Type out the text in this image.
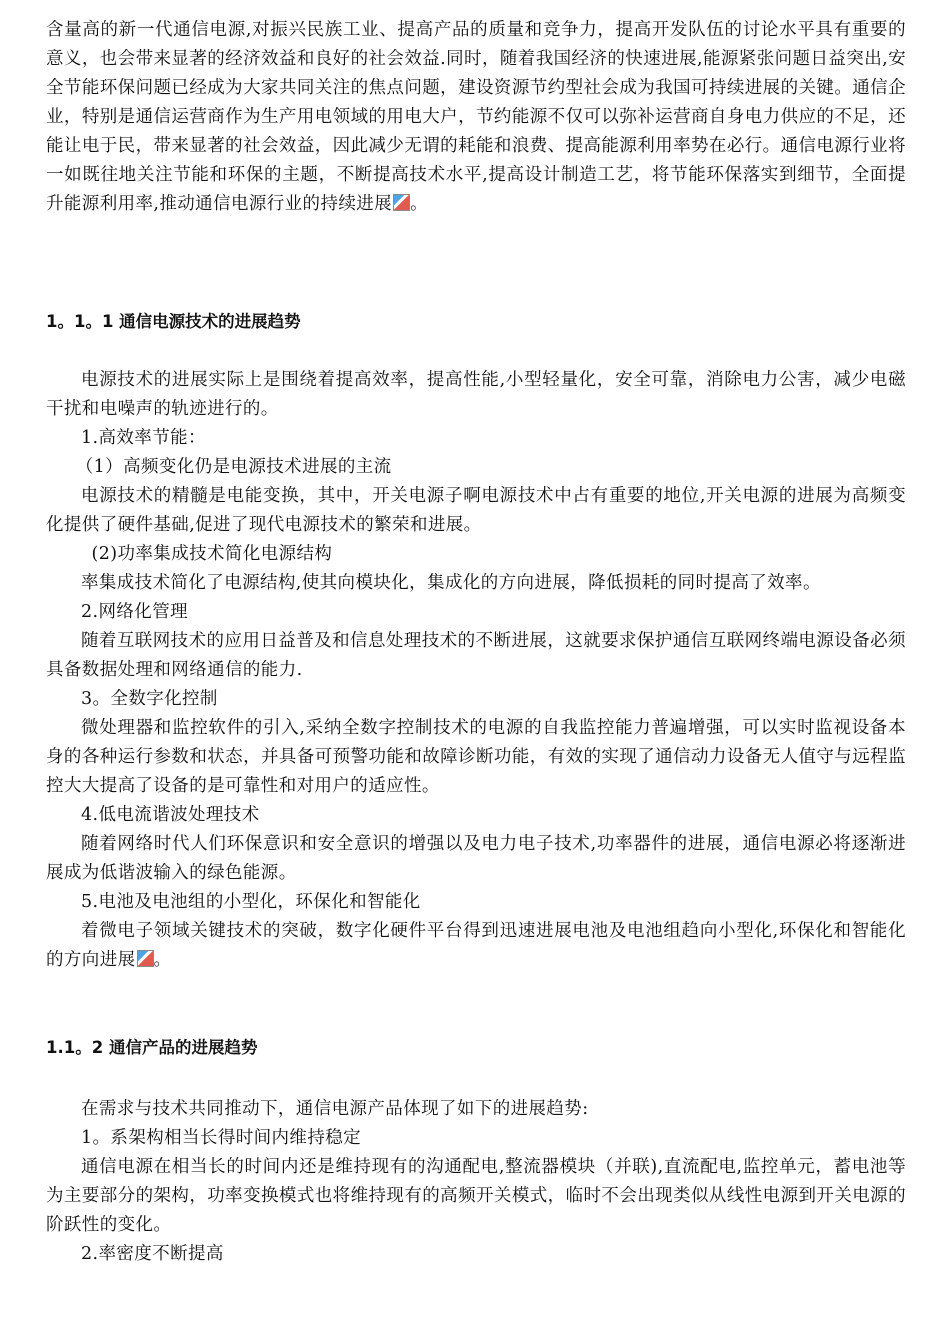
含量高的新一代通信电源,对振兴民族工业、提高产品的质量和竞争力，提高开发队伍的讨论水平具有重要的意义，也会带来显著的经济效益和良好的社会效益.同时，随着我国经济的快速进展,能源紧张问题日益突出,安全节能环保问题已经成为大家共同关注的焦点问题，建设资源节约型社会成为我国可持续进展的关键。通信企业，特别是通信运营商作为生产用电领域的用电大户，节约能源不仅可以弥补运营商自身电力供应的不足，还能让电于民，带来显著的社会效益，因此减少无谓的耗能和浪费、提高能源利用率势在必行。通信电源行业将一如既往地关注节能和环保的主题，不断提高技术水平,提高设计制造工艺，将节能环保落实到细节，全面提升能源利用率,推动通信电源行业的持续进展 。

1。1。1 通信电源技术的进展趋势

电源技术的进展实际上是围绕着提高效率，提高性能,小型轻量化，安全可靠，消除电力公害，减少电磁干扰和电噪声的轨迹进行的。

1.高效率节能：

（1）高频变化仍是电源技术进展的主流

电源技术的精髓是电能变换，其中，开关电源子啊电源技术中占有重要的地位,开关电源的进展为高频变化提供了硬件基础,促进了现代电源技术的繁荣和进展。

(2)功率集成技术简化电源结构

率集成技术简化了电源结构,使其向模块化，集成化的方向进展，降低损耗的同时提高了效率。

2.网络化管理

随着互联网技术的应用日益普及和信息处理技术的不断进展，这就要求保护通信互联网终端电源设备必须具备数据处理和网络通信的能力.

3。全数字化控制

微处理器和监控软件的引入,采纳全数字控制技术的电源的自我监控能力普遍增强，可以实时监视设备本身的各种运行参数和状态，并具备可预警功能和故障诊断功能，有效的实现了通信动力设备无人值守与远程监控大大提高了设备的是可靠性和对用户的适应性。

4.低电流谐波处理技术

随着网络时代人们环保意识和安全意识的增强以及电力电子技术,功率器件的进展，通信电源必将逐渐进展成为低谐波输入的绿色能源。

5.电池及电池组的小型化，环保化和智能化

着微电子领域关键技术的突破，数字化硬件平台得到迅速进展电池及电池组趋向小型化,环保化和智能化的方向进展 。

1.1。2 通信产品的进展趋势

在需求与技术共同推动下，通信电源产品体现了如下的进展趋势:

1。系架构相当长得时间内维持稳定

通信电源在相当长的时间内还是维持现有的沟通配电,整流器模块（并联),直流配电,监控单元，蓄电池等为主要部分的架构，功率变换模式也将维持现有的高频开关模式，临时不会出现类似从线性电源到开关电源的阶跃性的变化。

2.率密度不断提高
